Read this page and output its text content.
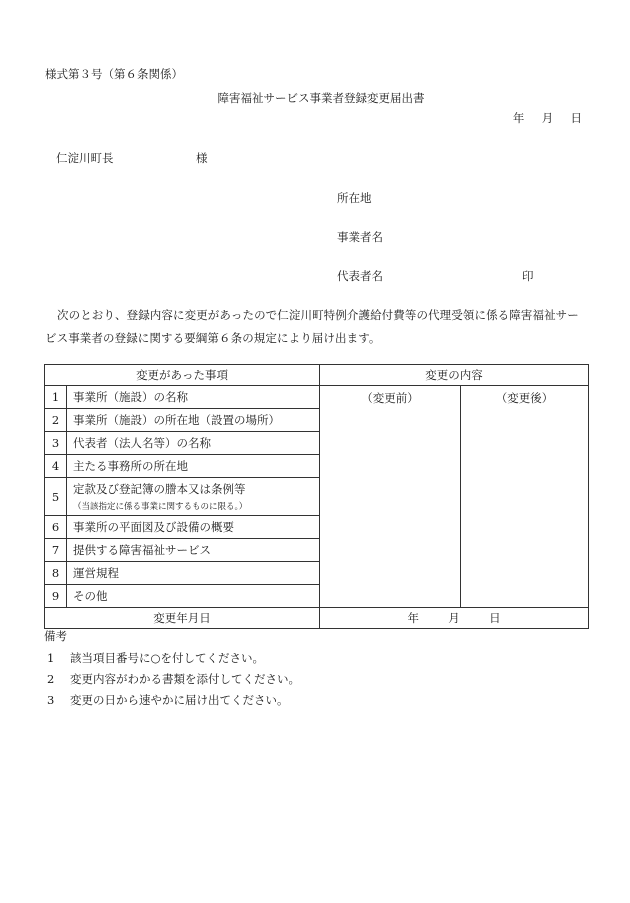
様式第３号（第６条関係）
障害福祉サービス事業者登録変更届出書
年 月 日
仁淀川町長	様
所在地
事業者名
代表者名	印
次のとおり、登録内容に変更があったので仁淀川町特例介護給付費等の代理受領に係る障害福祉サービス事業者の登録に関する要綱第６条の規定により届け出ます。
変更があった事項		変更の内容	
1	事業所（施設）の名称	（変更前）	（変更後）
2	事業所（施設）の所在地（設置の場所）		
3	代表者（法人名等）の名称		
4	主たる事務所の所在地		
5	定款及び登記簿の謄本又は条例等
（当該指定に係る事業に関するものに限る。）		

6	事業所の平面図及び設備の概要		
7	提供する障害福祉サービス		
8	運営規程		
9	その他		
変更年月日		年 月 日	
備考
1 該当項目番号に○を付してください。
2 変更内容がわかる書類を添付してください。
3 変更の日から速やかに届け出てください。
